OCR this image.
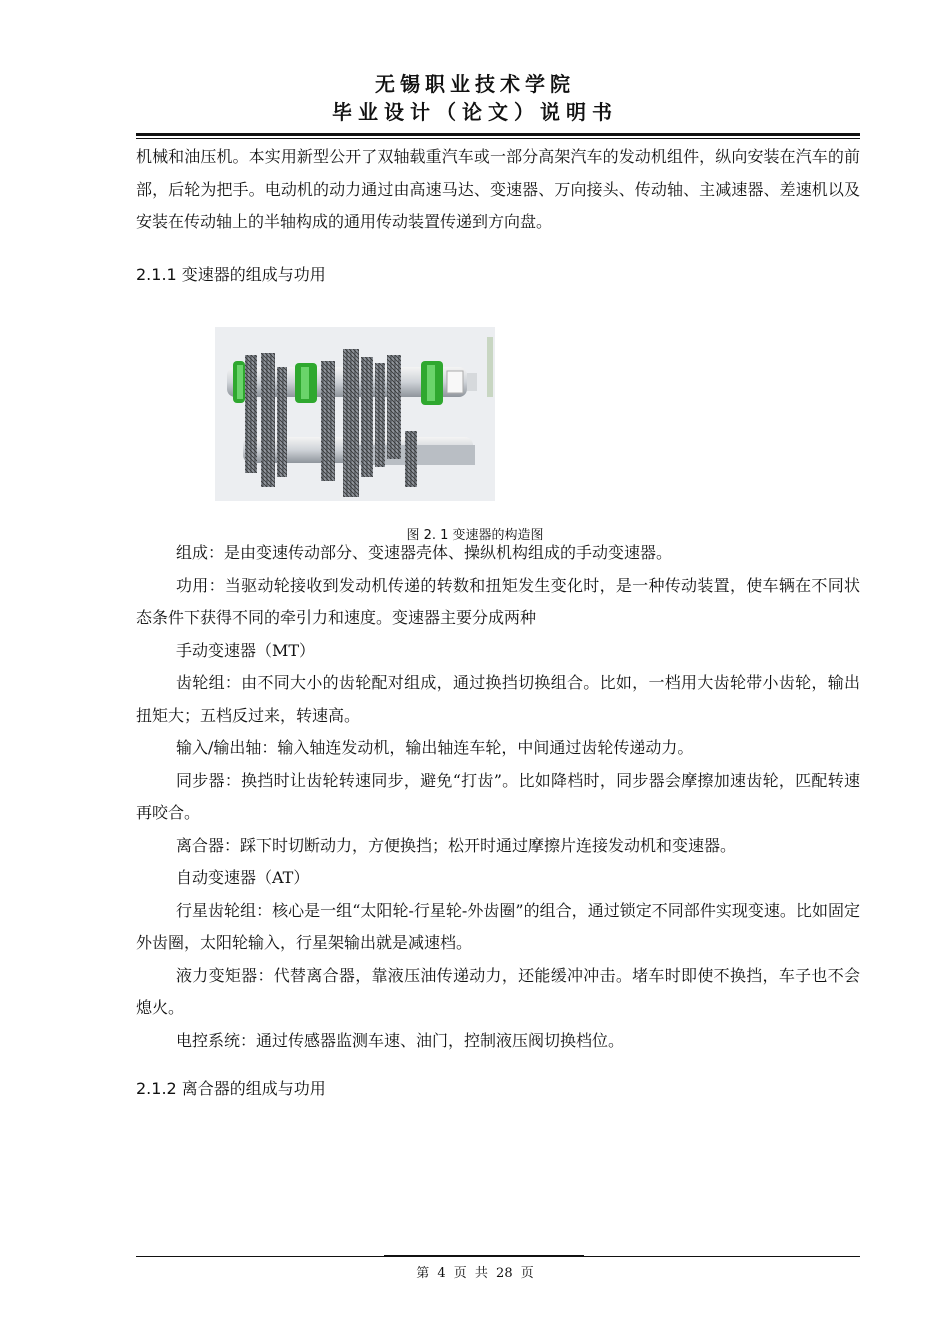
无锡职业技术学院
毕业设计（论文）说明书

机械和油压机。本实用新型公开了双轴载重汽车或一部分高架汽车的发动机组件，纵向安装在汽车的前部，后轮为把手。电动机的动力通过由高速马达、变速器、万向接头、传动轴、主减速器、差速机以及安装在传动轴上的半轴构成的通用传动装置传递到方向盘。

2.1.1 变速器的组成与功用
图 2. 1 变速器的构造图

组成：是由变速传动部分、变速器壳体、操纵机构组成的手动变速器。

功用：当驱动轮接收到发动机传递的转数和扭矩发生变化时，是一种传动装置，使车辆在不同状态条件下获得不同的牵引力和速度。变速器主要分成两种

手动变速器（MT）

齿轮组：由不同大小的齿轮配对组成，通过换挡切换组合。比如，一档用大齿轮带小齿轮，输出扭矩大；五档反过来，转速高。

输入/输出轴：输入轴连发动机，输出轴连车轮，中间通过齿轮传递动力。

同步器：换挡时让齿轮转速同步，避免“打齿”。比如降档时，同步器会摩擦加速齿轮，匹配转速再咬合。

离合器：踩下时切断动力，方便换挡；松开时通过摩擦片连接发动机和变速器。

自动变速器（AT）

行星齿轮组：核心是一组“太阳轮-行星轮-外齿圈”的组合，通过锁定不同部件实现变速。比如固定外齿圈，太阳轮输入，行星架输出就是减速档。

液力变矩器：代替离合器，靠液压油传递动力，还能缓冲冲击。堵车时即使不换挡，车子也不会熄火。

电控系统：通过传感器监测车速、油门，控制液压阀切换档位。

2.1.2 离合器的组成与功用
第 4 页 共 28 页
